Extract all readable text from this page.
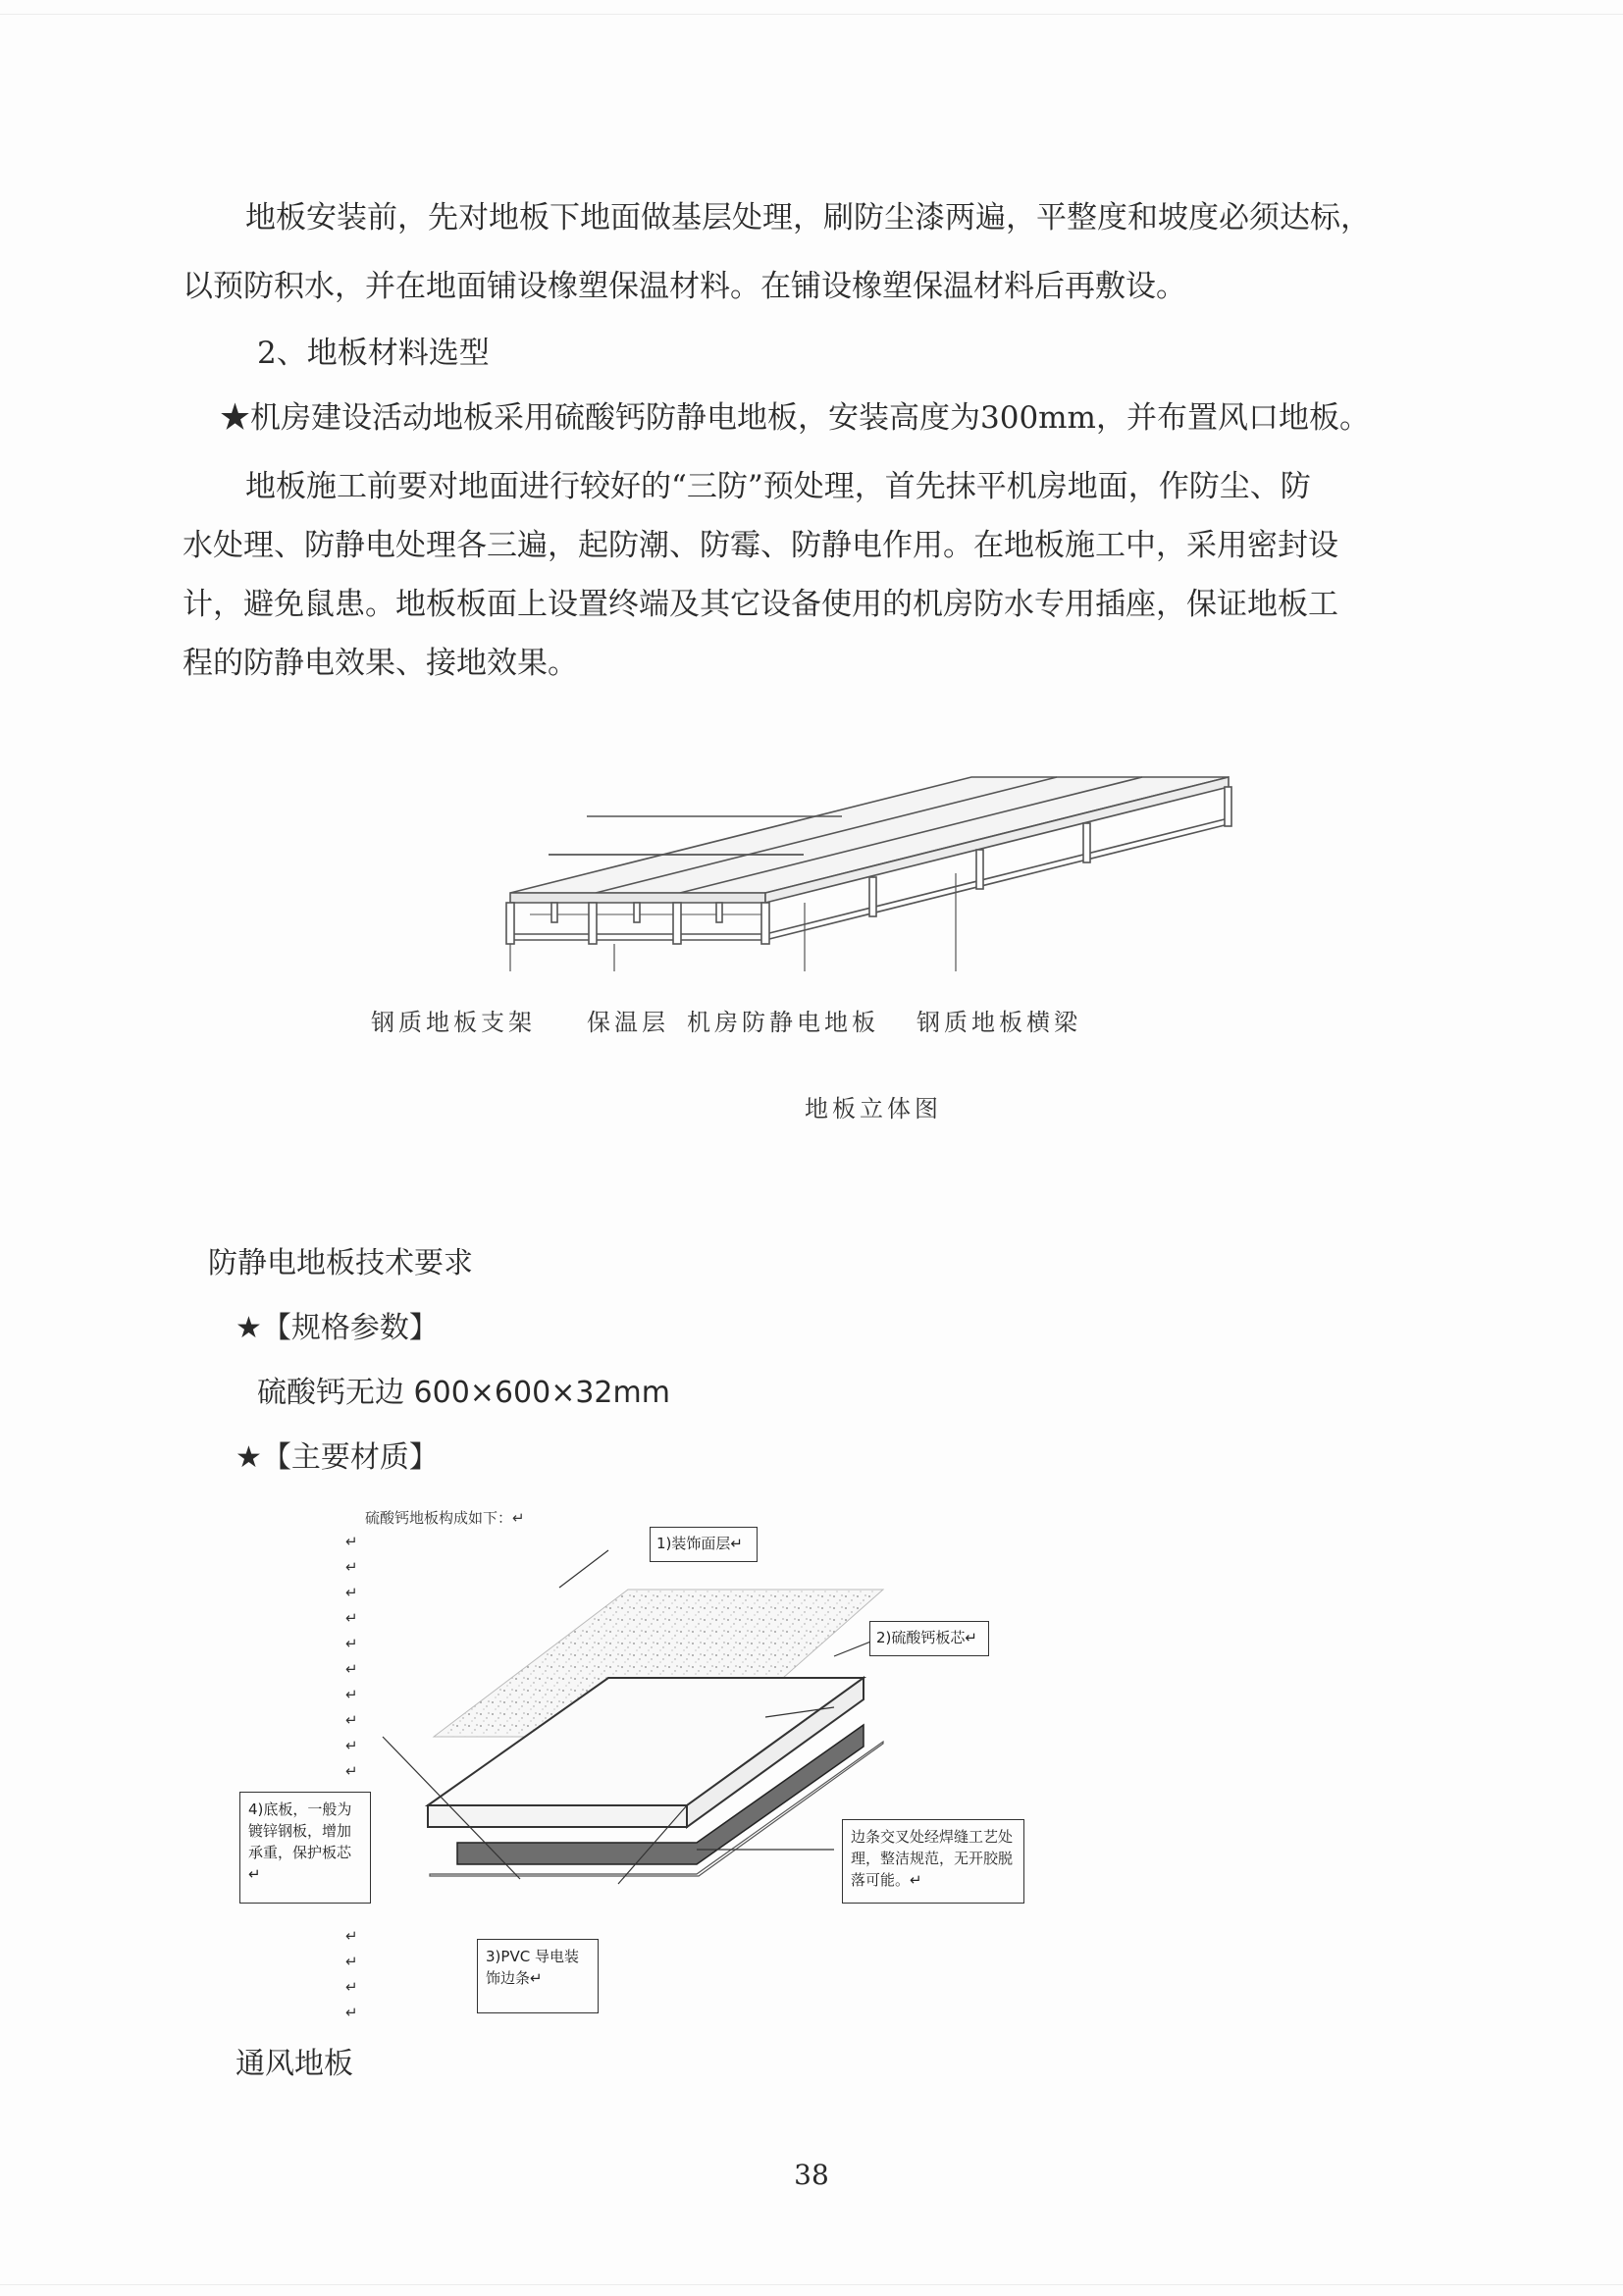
地板安装前，先对地板下地面做基层处理，刷防尘漆两遍，平整度和坡度必须达标，

以预防积水，并在地面铺设橡塑保温材料。在铺设橡塑保温材料后再敷设。

2、地板材料选型

★机房建设活动地板采用硫酸钙防静电地板，安装高度为300mm，并布置风口地板。

地板施工前要对地面进行较好的“三防”预处理，首先抹平机房地面，作防尘、防

水处理、防静电处理各三遍，起防潮、防霉、防静电作用。在地板施工中，采用密封设

计，避免鼠患。地板板面上设置终端及其它设备使用的机房防水专用插座，保证地板工

程的防静电效果、接地效果。

钢质地板支架 保温层 机房防静电地板 钢质地板横梁
地板立体图

防静电地板技术要求

★【规格参数】

硫酸钙无边 600×600×32mm

★【主要材质】

硫酸钙地板构成如下：↵
↵
↵
↵
↵
↵
↵
↵
↵
↵
↵
↵
↵
↵
↵
1)装饰面层↵
2)硫酸钙板芯↵
4)底板，一般为镀锌钢板，增加承重，保护板芯↵
边条交叉处经焊缝工艺处理，整洁规范，无开胶脱落可能。↵
3)PVC 导电装饰边条↵

通风地板

38
